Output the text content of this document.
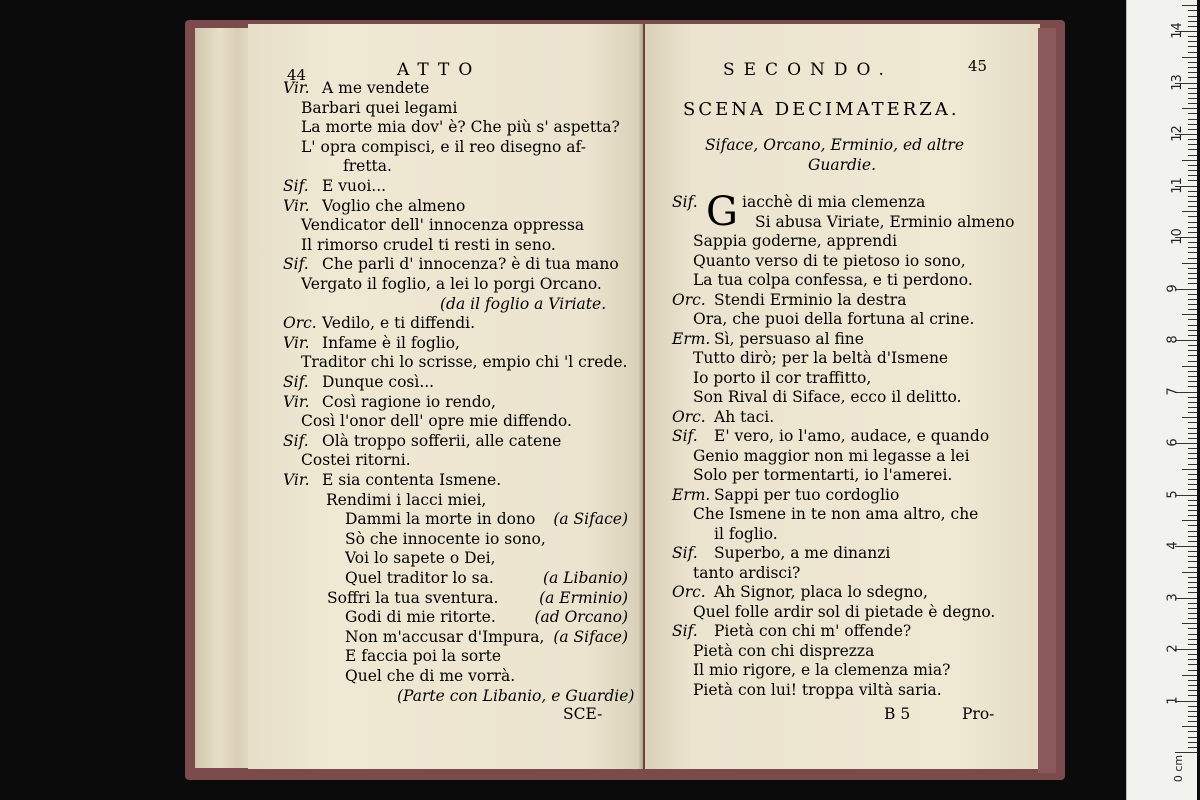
44	ATTO
Vir. A me vendete
Barbari quei legami
La morte mia dov' è? Che più s' aspetta?
L' opra compisci, e il reo disegno af-
fretta.
Sif. E vuoi...
Vir. Voglio che almeno
Vendicator dell' innocenza oppressa
Il rimorso crudel ti resti in seno.
Sif. Che parli d' innocenza? è di tua mano
Vergato il foglio, a lei lo porgi Orcano.
(da il foglio a Viriate.
Orc. Vedilo, e ti diffendi.
Vir. Infame è il foglio,
Traditor chi lo scrisse, empio chi 'l crede.
Sif. Dunque così...
Vir. Così ragione io rendo,
Così l'onor dell' opre mie diffendo.
Sif. Olà troppo sofferii, alle catene
Costei ritorni.
Vir. E sia contenta Ismene.
Rendimi i lacci miei,
Dammi la morte in dono (a Siface)
Sò che innocente io sono,
Voi lo sapete o Dei,
Quel traditor lo sa.	(a Libanio)
Soffri la tua sventura.	(a Erminio)
Godi di mie ritorte. (ad Orcano)
Non m'accusar d'Impura, (a Siface)
E faccia poi la sorte
Quel che di me vorrà.
(Parte con Libanio, e Guardie)
SCE-
SECONDO.	45
SCENA DECIMATERZA.
Siface, Orcano, Erminio, ed altre
Guardie.
G
Sif.	iacchè di mia clemenza
Si abusa Viriate, Erminio almeno
Sappia goderne, apprendi
Quanto verso di te pietoso io sono,
La tua colpa confessa, e ti perdono.
Orc. Stendi Erminio la destra
Ora, che puoi della fortuna al crine.
Erm. Sì, persuaso al fine
Tutto dirò; per la beltà d'Ismene
Io porto il cor traffitto,
Son Rival di Siface, ecco il delitto.
Orc. Ah taci.
Sif. E' vero, io l'amo, audace, e quando
Genio maggior non mi legasse a lei
Solo per tormentarti, io l'amerei.
Erm. Sappi per tuo cordoglio
Che Ismene in te non ama altro, che
il foglio.
Sif. Superbo, a me dinanzi
tanto ardisci?
Orc. Ah Signor, placa lo sdegno,
Quel folle ardir sol di pietade è degno.
Sif. Pietà con chi m' offende?
Pietà con chi disprezza
Il mio rigore, e la clemenza mia?
Pietà con lui! troppa viltà saria.
B 5	Pro-
1
2
3
4
5
6
7
8
9
10
11
12
13
14
0 cm
